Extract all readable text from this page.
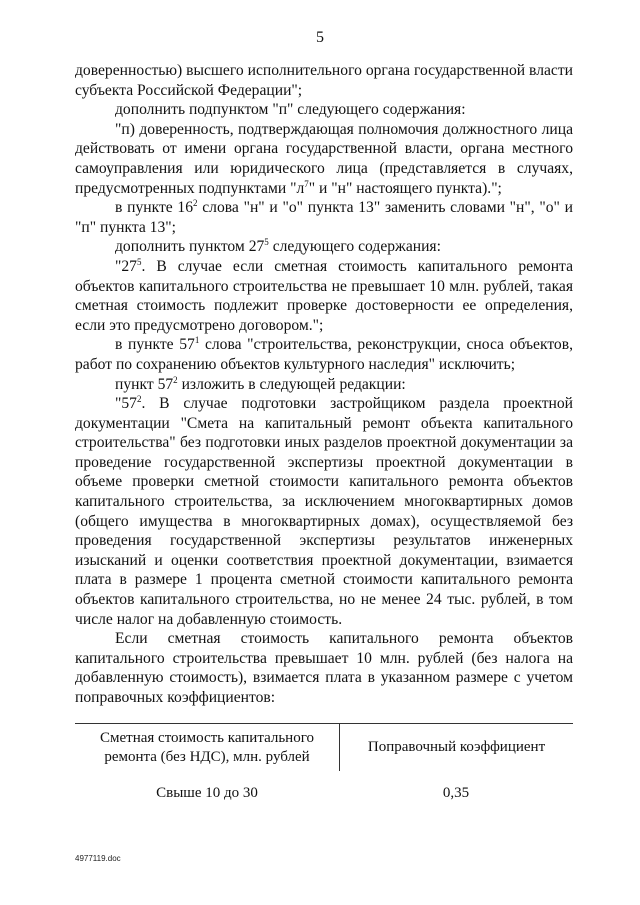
5

доверенностью) высшего исполнительного органа государственной власти субъекта Российской Федерации";

дополнить подпунктом "п" следующего содержания:

"п) доверенность, подтверждающая полномочия должностного лица действовать от имени органа государственной власти, органа местного самоуправления или юридического лица (представляется в случаях, предусмотренных подпунктами "$л^7$" и "н" настоящего пункта).";

в пункте $16^2$ слова "н" и "о" пункта 13" заменить словами "н", "о" и "п" пункта 13";

дополнить пунктом $27^5$ следующего содержания:

"$27^5$. В случае если сметная стоимость капитального ремонта объектов капитального строительства не превышает 10 млн. рублей, такая сметная стоимость подлежит проверке достоверности ее определения, если это предусмотрено договором.";

в пункте $57^1$ слова "строительства, реконструкции, сноса объектов, работ по сохранению объектов культурного наследия" исключить;

пункт $57^2$ изложить в следующей редакции:

"$57^2$. В случае подготовки застройщиком раздела проектной документации "Смета на капитальный ремонт объекта капитального строительства" без подготовки иных разделов проектной документации за проведение государственной экспертизы проектной документации в объеме проверки сметной стоимости капитального ремонта объектов капитального строительства, за исключением многоквартирных домов (общего имущества в многоквартирных домах), осуществляемой без проведения государственной экспертизы результатов инженерных изысканий и оценки соответствия проектной документации, взимается плата в размере 1 процента сметной стоимости капитального ремонта объектов капитального строительства, но не менее 24 тыс. рублей, в том числе налог на добавленную стоимость.

Если сметная стоимость капитального ремонта объектов капитального строительства превышает 10 млн. рублей (без налога на добавленную стоимость), взимается плата в указанном размере с учетом поправочных коэффициентов:

Сметная стоимость капитального
ремонта (без НДС), млн. рублей
Поправочный коэффициент
Свыше 10 до 30	0,35
4977119.doc
